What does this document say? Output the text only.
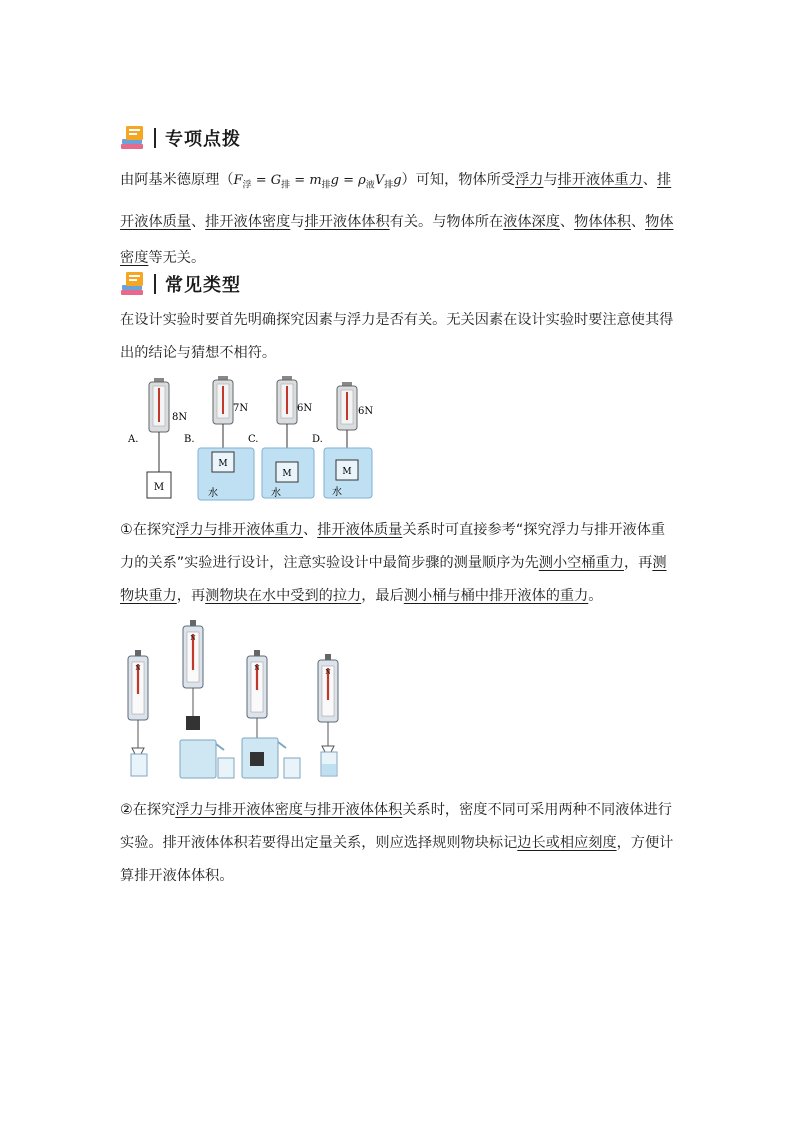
专项点拨
由阿基米德原理$(F_浮 = G_排 = m_排g = \rho_液V_排g)$可知，物体所受浮力与排开液体重力、排开液体质量、排开液体密度与排开液体体积有关。与物体所在液体深度、物体体积、物体密度等无关。
常见类型
在设计实验时要首先明确探究因素与浮力是否有关。无关因素在设计实验时要注意使其得出的结论与猜想不相符。
A.
8N
M
B.
7N
M
水
C.
6N
M
水
D.
6N
M
水
①在探究浮力与排开液体重力、排开液体质量关系时可直接参考“探究浮力与排开液体重力的关系”实验进行设计，注意实验设计中最简步骤的测量顺序为先测小空桶重力，再测物块重力，再测物块在水中受到的拉力，最后测小桶与桶中排开液体的重力。
N
N
N
N
②在探究浮力与排开液体密度与排开液体体积关系时，密度不同可采用两种不同液体进行实验。排开液体体积若要得出定量关系，则应选择规则物块标记边长或相应刻度，方便计算排开液体体积。
